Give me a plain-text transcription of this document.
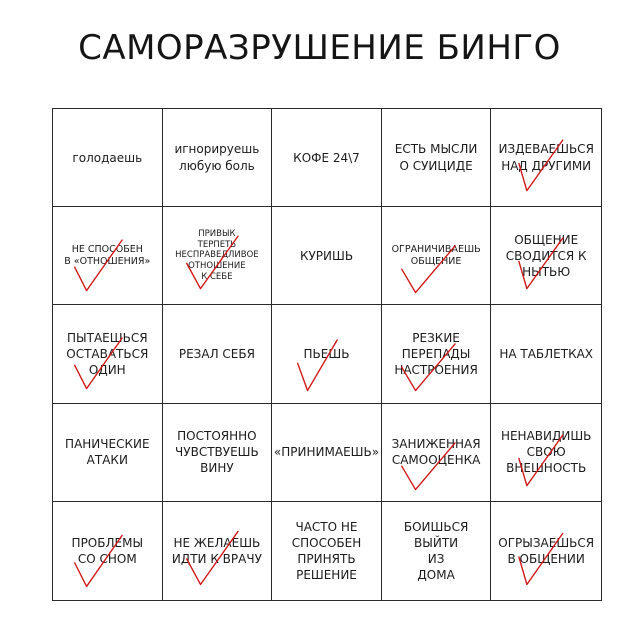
САМОРАЗРУШЕНИЕ БИНГО
голодаешь
игнорируешь
любую боль
КОФЕ 24\7
ЕСТЬ МЫСЛИ
О СУИЦИДЕ
ИЗДЕВАЕШЬСЯ
НАД ДРУГИМИ
НЕ СПОСОБЕН
В «ОТНОШЕНИЯ»
ПРИВЫК
ТЕРПЕТЬ
НЕСПРАВЕДЛИВОЕ
ОТНОШЕНИЕ
К СЕБЕ
КУРИШЬ	ОГРАНИЧИВАЕШЬ
ОБЩЕНИЕ
ОБЩЕНИЕ
СВОДИТСЯ К
НЫТЬЮ
ПЫТАЕШЬСЯ
ОСТАВАТЬСЯ
ОДИН
РЕЗАЛ СЕБЯ	ПЬЕШЬ
РЕЗКИЕ
ПЕРЕПАДЫ
НАСТРОЕНИЯ
НА ТАБЛЕТКАХ
ПАНИЧЕСКИЕ
АТАКИ
ПОСТОЯННО
ЧУВСТВУЕШЬ
ВИНУ
«ПРИНИМАЕШЬ»
ЗАНИЖЕННАЯ
САМООЦЕНКА
НЕНАВИДИШЬ
СВОЮ
ВНЕШНОСТЬ
ПРОБЛЕМЫ
СО СНОМ
НЕ ЖЕЛАЕШЬ
ИДТИ К ВРАЧУ
ЧАСТО НЕ
СПОСОБЕН
ПРИНЯТЬ
РЕШЕНИЕ
БОИШЬСЯ
ВЫЙТИ
ИЗ
ДОМА
ОГРЫЗАЕШЬСЯ
В ОБЩЕНИИ
